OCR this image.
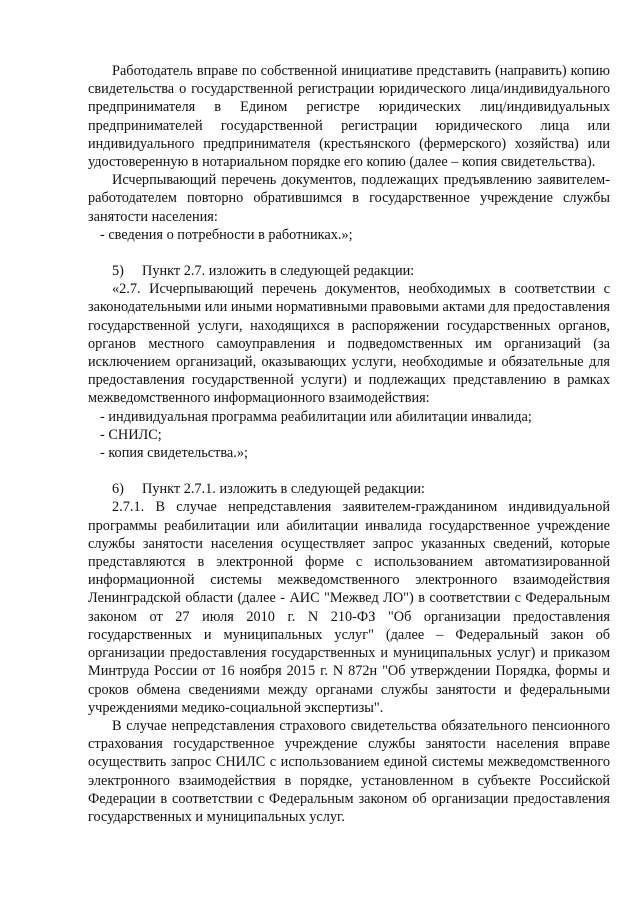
Работодатель вправе по собственной инициативе представить (направить) копию свидетельства о государственной регистрации юридического лица/индивидуального предпринимателя в Едином регистре юридических лиц/индивидуальных предпринимателей государственной регистрации юридического лица или индивидуального предпринимателя (крестьянского (фермерского) хозяйства) или удостоверенную в нотариальном порядке его копию (далее – копия свидетельства).

Исчерпывающий перечень документов, подлежащих предъявлению заявителем-работодателем повторно обратившимся в государственное учреждение службы занятости населения:

- сведения о потребности в работниках.»;

5) Пункт 2.7. изложить в следующей редакции:

«2.7. Исчерпывающий перечень документов, необходимых в соответствии с законодательными или иными нормативными правовыми актами для предоставления государственной услуги, находящихся в распоряжении государственных органов, органов местного самоуправления и подведомственных им организаций (за исключением организаций, оказывающих услуги, необходимые и обязательные для предоставления государственной услуги) и подлежащих представлению в рамках межведомственного информационного взаимодействия:

- индивидуальная программа реабилитации или абилитации инвалида;

- СНИЛС;

- копия свидетельства.»;

6) Пункт 2.7.1. изложить в следующей редакции:

2.7.1. В случае непредставления заявителем-гражданином индивидуальной программы реабилитации или абилитации инвалида государственное учреждение службы занятости населения осуществляет запрос указанных сведений, которые представляются в электронной форме с использованием автоматизированной информационной системы межведомственного электронного взаимодействия Ленинградской области (далее - АИС "Межвед ЛО") в соответствии с Федеральным законом от 27 июля 2010 г. N 210-ФЗ "Об организации предоставления государственных и муниципальных услуг" (далее – Федеральный закон об организации предоставления государственных и муниципальных услуг) и приказом Минтруда России от 16 ноября 2015 г. N 872н "Об утверждении Порядка, формы и сроков обмена сведениями между органами службы занятости и федеральными учреждениями медико-социальной экспертизы".

В случае непредставления страхового свидетельства обязательного пенсионного страхования государственное учреждение службы занятости населения вправе осуществить запрос СНИЛС с использованием единой системы межведомственного электронного взаимодействия в порядке, установленном в субъекте Российской Федерации в соответствии с Федеральным законом об организации предоставления государственных и муниципальных услуг.
